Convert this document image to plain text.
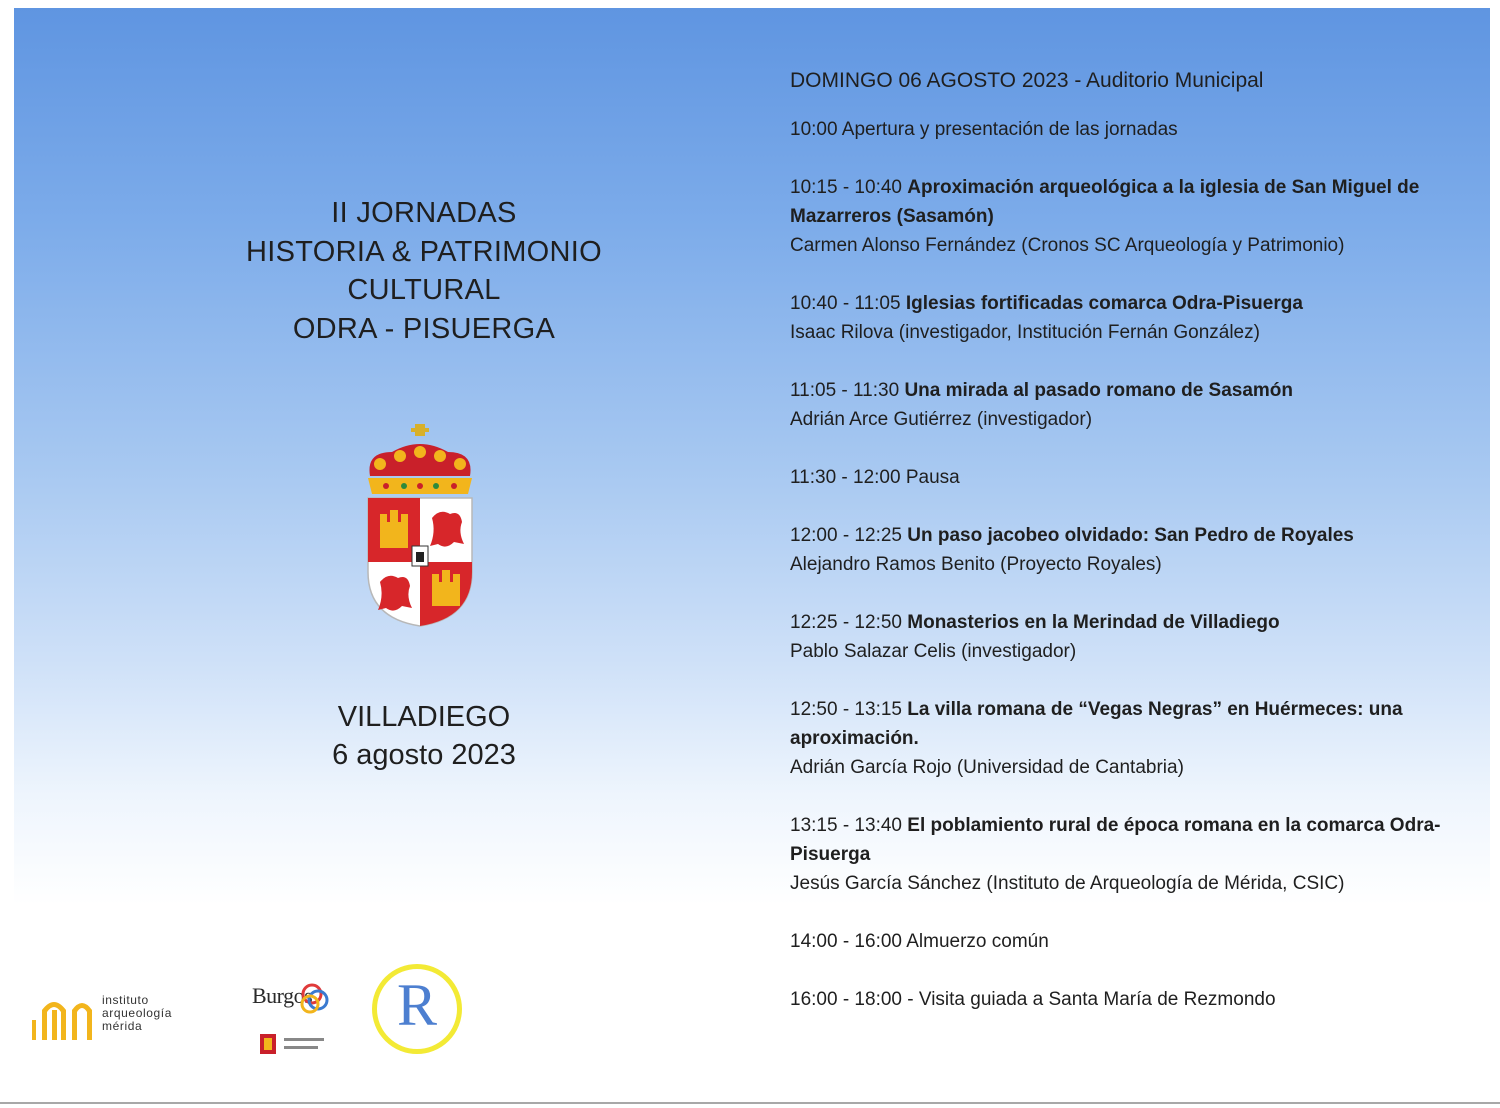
II JORNADAS
HISTORIA & PATRIMONIO
CULTURAL
ODRA - PISUERGA
VILLADIEGO
6 agosto 2023
DOMINGO 06 AGOSTO 2023 - Auditorio Municipal
10:00 Apertura y presentación de las jornadas
10:15 - 10:40 Aproximación arqueológica a la iglesia de San Miguel de Mazarreros (Sasamón)
Carmen Alonso Fernández (Cronos SC Arqueología y Patrimonio)
10:40 - 11:05 Iglesias fortificadas comarca Odra-Pisuerga
Isaac Rilova (investigador, Institución Fernán González)
11:05 - 11:30 Una mirada al pasado romano de Sasamón
Adrián Arce Gutiérrez (investigador)
11:30 - 12:00 Pausa
12:00 - 12:25 Un paso jacobeo olvidado: San Pedro de Royales
Alejandro Ramos Benito (Proyecto Royales)
12:25 - 12:50 Monasterios en la Merindad de Villadiego
Pablo Salazar Celis (investigador)
12:50 - 13:15 La villa romana de “Vegas Negras” en Huérmeces: una aproximación.
Adrián García Rojo (Universidad de Cantabria)
13:15 - 13:40 El poblamiento rural de época romana en la comarca Odra-Pisuerga
Jesús García Sánchez (Instituto de Arqueología de Mérida, CSIC)
14:00 - 16:00 Almuerzo común
16:00 - 18:00 - Visita guiada a Santa María de Rezmondo
instituto
arqueología
mérida
Burgos	R
